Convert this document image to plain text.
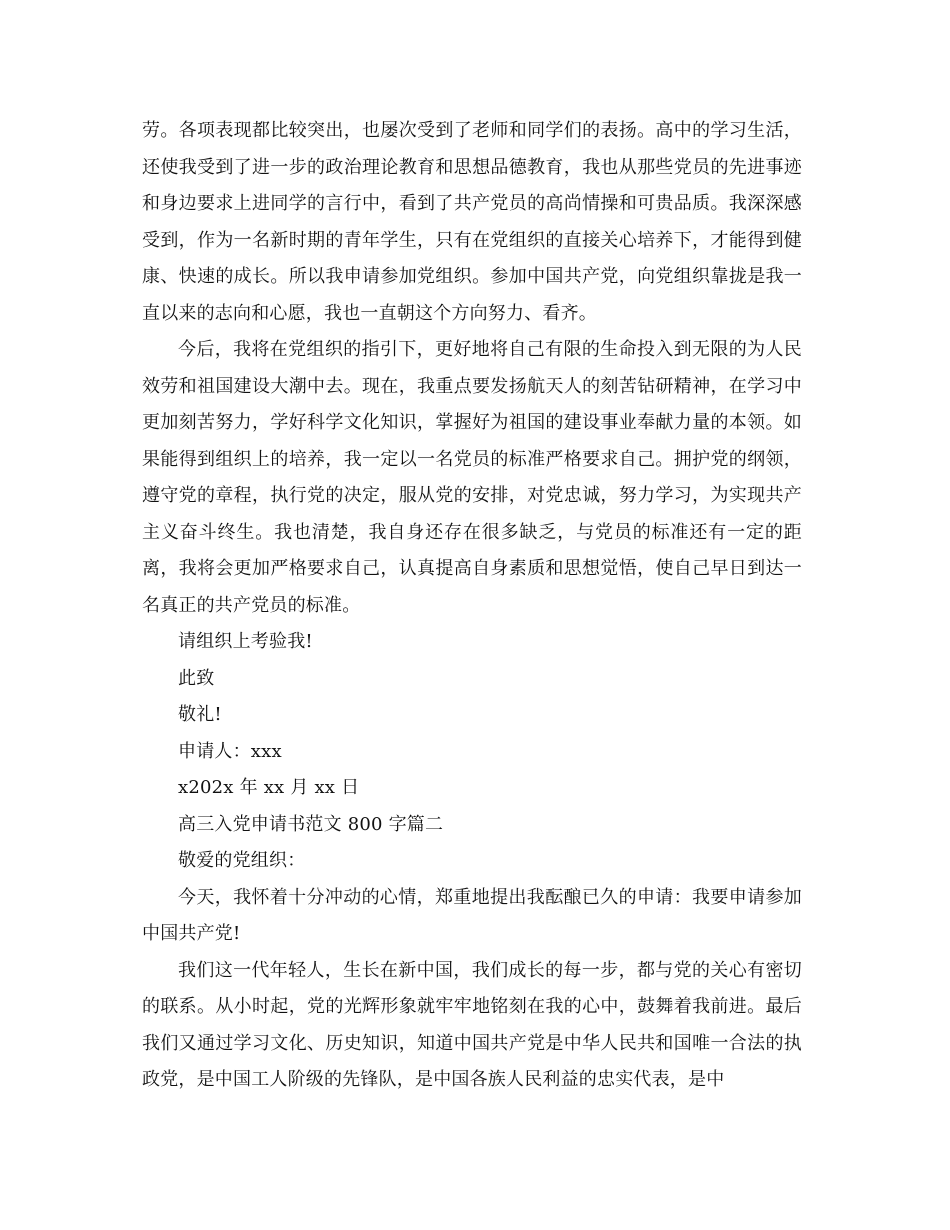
劳。各项表现都比较突出，也屡次受到了老师和同学们的表扬。高中的学习生活，还使我受到了进一步的政治理论教育和思想品德教育，我也从那些党员的先进事迹和身边要求上进同学的言行中，看到了共产党员的高尚情操和可贵品质。我深深感受到，作为一名新时期的青年学生，只有在党组织的直接关心培养下，才能得到健康、快速的成长。所以我申请参加党组织。参加中国共产党，向党组织靠拢是我一直以来的志向和心愿，我也一直朝这个方向努力、看齐。

今后，我将在党组织的指引下，更好地将自己有限的生命投入到无限的为人民效劳和祖国建设大潮中去。现在，我重点要发扬航天人的刻苦钻研精神，在学习中更加刻苦努力，学好科学文化知识，掌握好为祖国的建设事业奉献力量的本领。如果能得到组织上的培养，我一定以一名党员的标准严格要求自己。拥护党的纲领，遵守党的章程，执行党的决定，服从党的安排，对党忠诚，努力学习，为实现共产主义奋斗终生。我也清楚，我自身还存在很多缺乏，与党员的标准还有一定的距离，我将会更加严格要求自己，认真提高自身素质和思想觉悟，使自己早日到达一名真正的共产党员的标准。

请组织上考验我!

此致

敬礼!

申请人：xxx

x202x 年 xx 月 xx 日

高三入党申请书范文 800 字篇二

敬爱的党组织：

今天，我怀着十分冲动的心情，郑重地提出我酝酿已久的申请：我要申请参加中国共产党!

我们这一代年轻人，生长在新中国，我们成长的每一步，都与党的关心有密切的联系。从小时起，党的光辉形象就牢牢地铭刻在我的心中，鼓舞着我前进。最后我们又通过学习文化、历史知识，知道中国共产党是中华人民共和国唯一合法的执政党，是中国工人阶级的先锋队，是中国各族人民利益的忠实代表，是中
